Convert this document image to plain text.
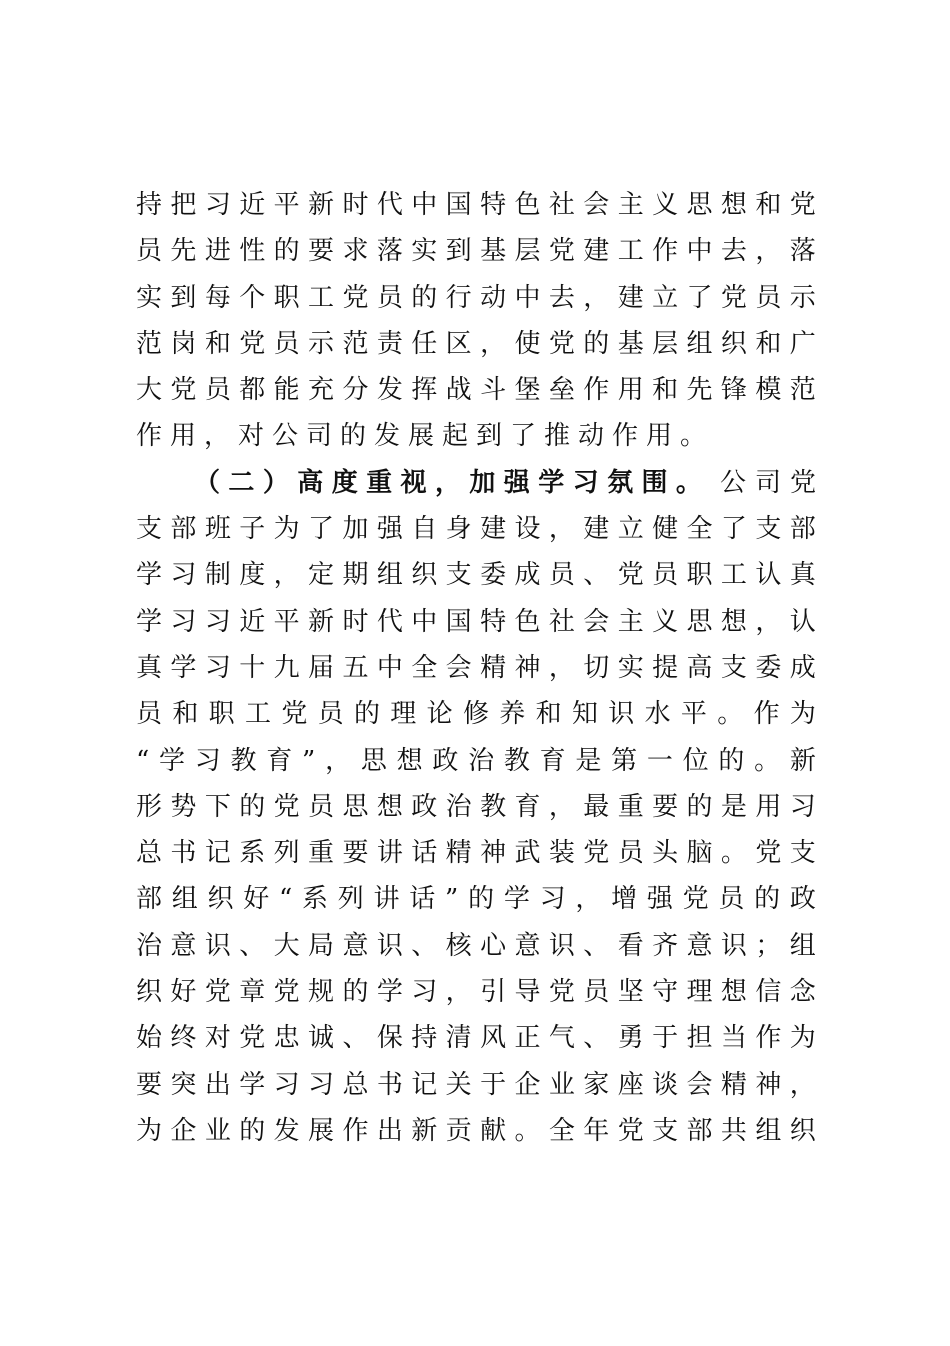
持 把 习 近 平 新 时 代 中 国 特 色 社 会 主 义 思 想 和 党
员 先 进 性 的 要 求 落 实 到 基 层 党 建 工 作 中 去 ， 落
实 到 每 个 职 工 党 员 的 行 动 中 去 ， 建 立 了 党 员 示
范 岗 和 党 员 示 范 责 任 区 ， 使 党 的 基 层 组 织 和 广
大 党 员 都 能 充 分 发 挥 战 斗 堡 垒 作 用 和 先 锋 模 范
作 用 ， 对 公 司 的 发 展 起 到 了 推 动 作 用 。
（ 二 ） 高 度 重 视 ， 加 强 学 习 氛 围 。 公 司 党
支 部 班 子 为 了 加 强 自 身 建 设 ， 建 立 健 全 了 支 部
学 习 制 度 ， 定 期 组 织 支 委 成 员 、 党 员 职 工 认 真
学 习 习 近 平 新 时 代 中 国 特 色 社 会 主 义 思 想 ， 认
真 学 习 十 九 届 五 中 全 会 精 神 ， 切 实 提 高 支 委 成
员 和 职 工 党 员 的 理 论 修 养 和 知 识 水 平 。 作 为
“ 学 习 教 育 ” ， 思 想 政 治 教 育 是 第 一 位 的 。 新
形 势 下 的 党 员 思 想 政 治 教 育 ， 最 重 要 的 是 用 习
总 书 记 系 列 重 要 讲 话 精 神 武 装 党 员 头 脑 。 党 支
部 组 织 好 “ 系 列 讲 话 ” 的 学 习 ， 增 强 党 员 的 政
治 意 识 、 大 局 意 识 、 核 心 意 识 、 看 齐 意 识 ； 组
织 好 党 章 党 规 的 学 习 ， 引 导 党 员 坚 守 理 想 信 念
始 终 对 党 忠 诚 、 保 持 清 风 正 气 、 勇 于 担 当 作 为
要 突 出 学 习 习 总 书 记 关 于 企 业 家 座 谈 会 精 神 ，
为 企 业 的 发 展 作 出 新 贡 献 。 全 年 党 支 部 共 组 织
